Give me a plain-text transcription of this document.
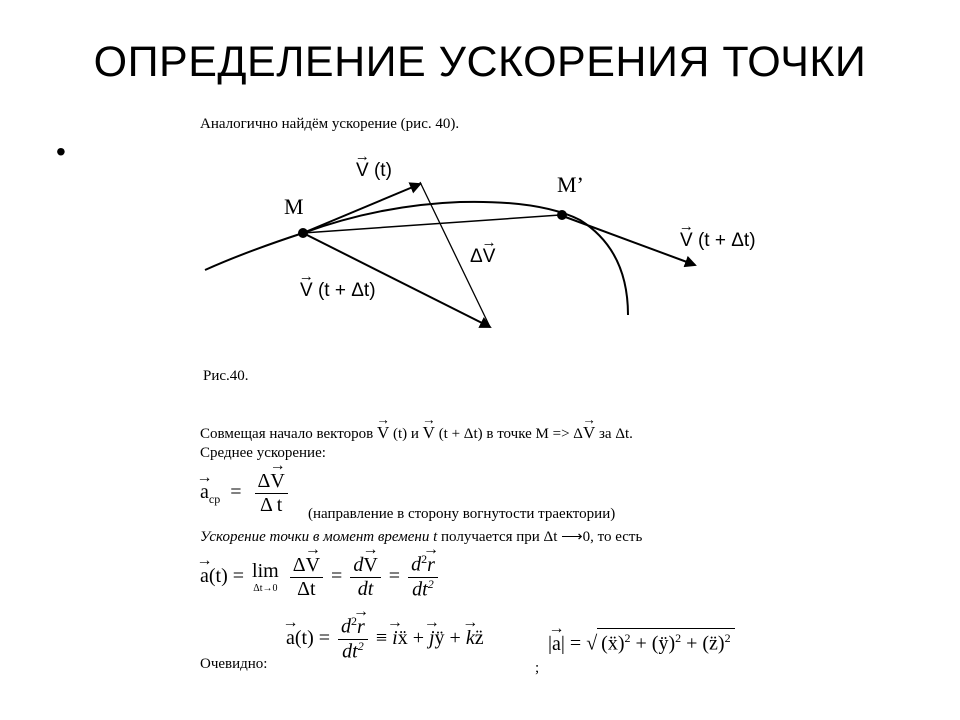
ОПРЕДЕЛЕНИЕ УСКОРЕНИЯ ТОЧКИ
•
Аналогично найдём ускорение (рис. 40).
M
M’
→ V (t)
→ V (t + Δt)
Δ→ V
→ V (t + Δt)
Рис.40.
Совмещая начало векторов → V (t) и → V (t + Δt) в точке М => Δ→ V за Δt.
Среднее ускорение:
→ $a_{ср} = \frac{\Delta\to V}{\text{Δ t}}$ (направление в сторону вогнутости траектории)
Ускорение точки в момент времени t получается при Δt ⟶0, то есть
→ a(t) = lim
Δt→0
$\frac{\Delta\to V}{\Delta t} = \frac{d\to V}{dt} = \frac{d^2\to r}{dt^2}$
→ $a(t) = \frac{d^2\to r}{dt^2}$ ≡ → iẍ + → jÿ + → kz̈	|→ a| = √ (ẍ)$^2$ + (ÿ)$^2$ + (z̈)$^2$
Очевидно:	;
